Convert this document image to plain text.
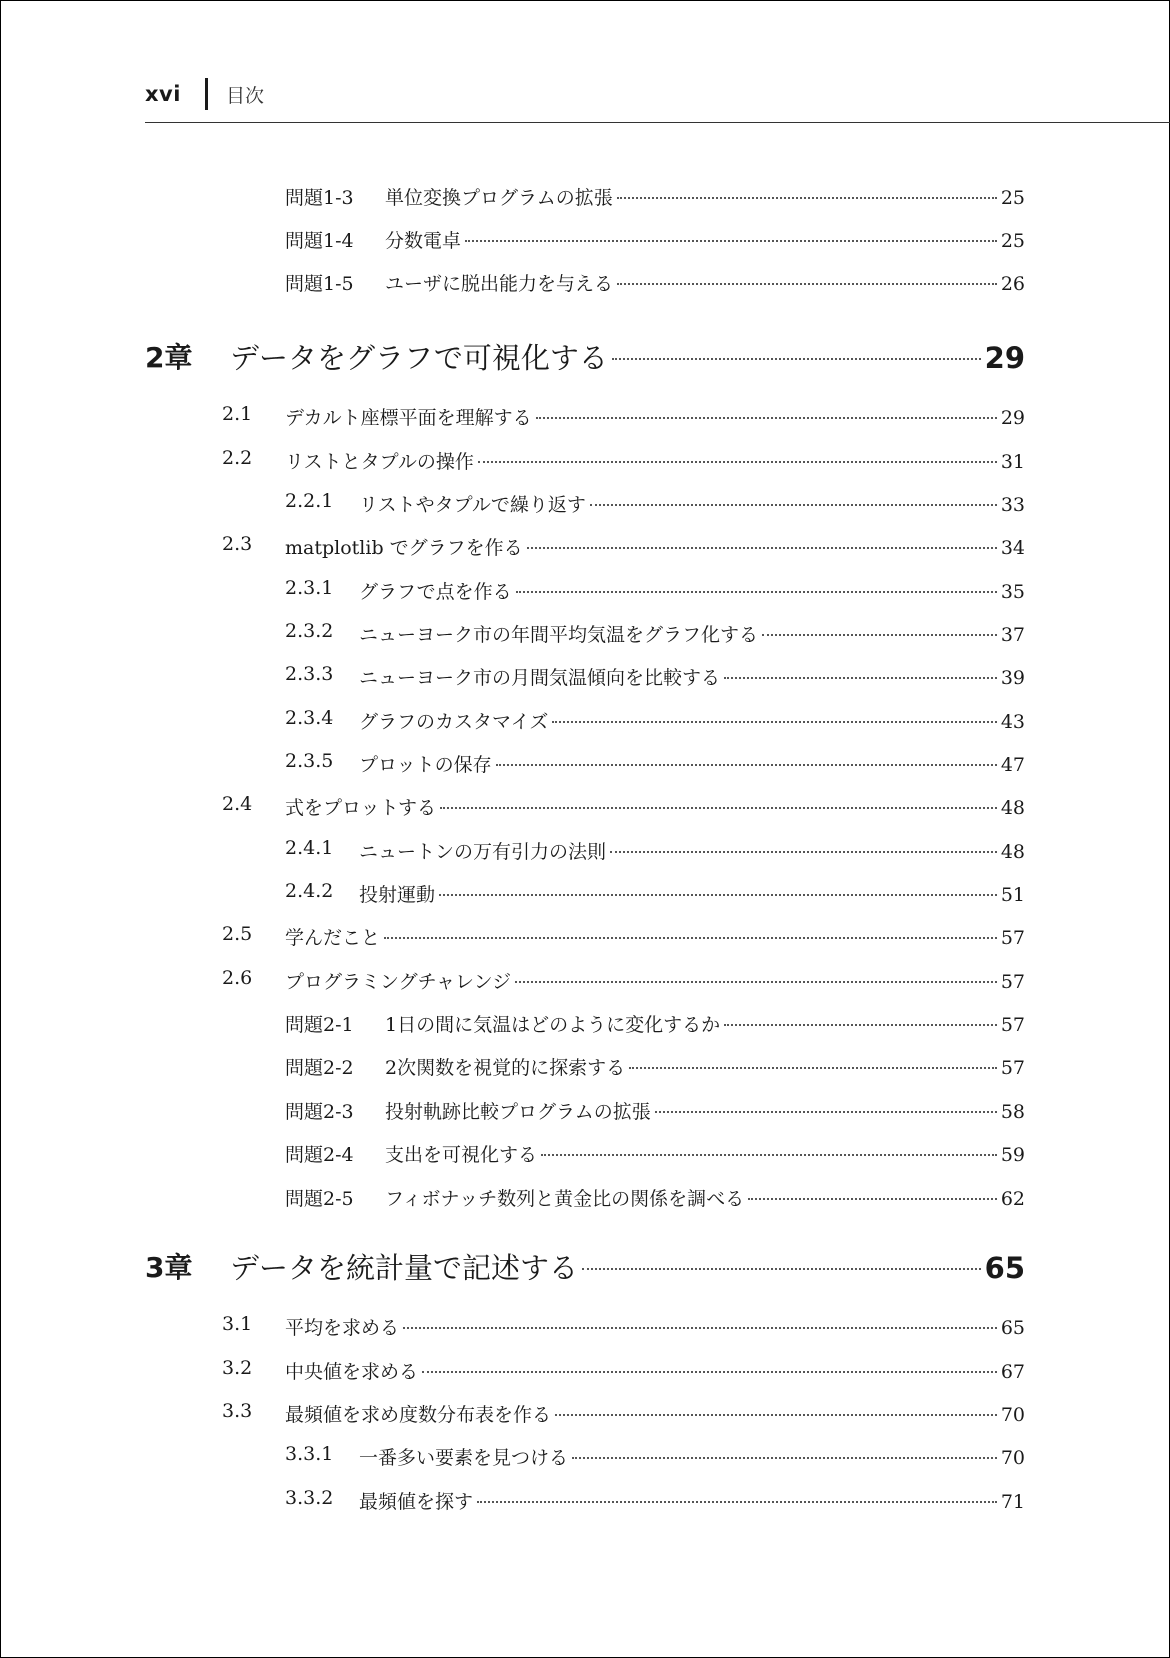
xvi 目次
問題1-3 単位変換プログラムの拡張	25
問題1-4 分数電卓	25
問題1-5 ユーザに脱出能力を与える	26
2章 データをグラフで可視化する	29
2.1 デカルト座標平面を理解する	29
2.2 リストとタプルの操作	31
2.2.1 リストやタプルで繰り返す	33
2.3 matplotlib でグラフを作る	34
2.3.1 グラフで点を作る	35
2.3.2 ニューヨーク市の年間平均気温をグラフ化する	37
2.3.3 ニューヨーク市の月間気温傾向を比較する	39
2.3.4 グラフのカスタマイズ	43
2.3.5 プロットの保存	47
2.4 式をプロットする	48
2.4.1 ニュートンの万有引力の法則	48
2.4.2 投射運動	51
2.5 学んだこと	57
2.6 プログラミングチャレンジ	57
問題2-1 1日の間に気温はどのように変化するか	57
問題2-2 2次関数を視覚的に探索する	57
問題2-3 投射軌跡比較プログラムの拡張	58
問題2-4 支出を可視化する	59
問題2-5 フィボナッチ数列と黄金比の関係を調べる	62
3章 データを統計量で記述する	65
3.1 平均を求める	65
3.2 中央値を求める	67
3.3 最頻値を求め度数分布表を作る	70
3.3.1 一番多い要素を見つける	70
3.3.2 最頻値を探す	71
